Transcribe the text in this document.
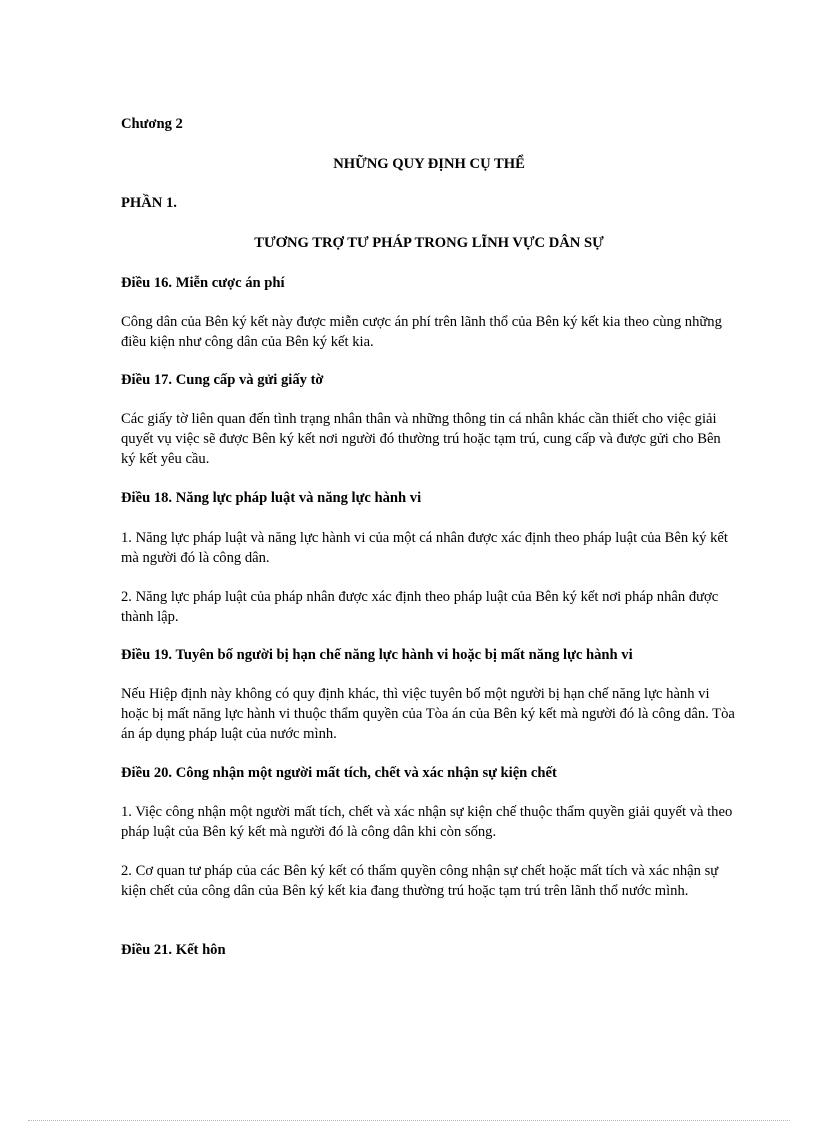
Chương 2

NHỮNG QUY ĐỊNH CỤ THỂ

PHẦN 1.

TƯƠNG TRỢ TƯ PHÁP TRONG LĨNH VỰC DÂN SỰ

Điều 16. Miễn cược án phí

Công dân của Bên ký kết này được miễn cược án phí trên lãnh thổ của Bên ký kết kia theo cùng những điều kiện như công dân của Bên ký kết kia.

Điều 17. Cung cấp và gửi giấy tờ

Các giấy tờ liên quan đến tình trạng nhân thân và những thông tin cá nhân khác cần thiết cho việc giải quyết vụ việc sẽ được Bên ký kết nơi người đó thường trú hoặc tạm trú, cung cấp và được gửi cho Bên ký kết yêu cầu.

Điều 18. Năng lực pháp luật và năng lực hành vi

1. Năng lực pháp luật và năng lực hành vi của một cá nhân được xác định theo pháp luật của Bên ký kết mà người đó là công dân.

2. Năng lực pháp luật của pháp nhân được xác định theo pháp luật của Bên ký kết nơi pháp nhân được thành lập.

Điều 19. Tuyên bố người bị hạn chế năng lực hành vi hoặc bị mất năng lực hành vi

Nếu Hiệp định này không có quy định khác, thì việc tuyên bố một người bị hạn chế năng lực hành vi hoặc bị mất năng lực hành vi thuộc thẩm quyền của Tòa án của Bên ký kết mà người đó là công dân. Tòa án áp dụng pháp luật của nước mình.

Điều 20. Công nhận một người mất tích, chết và xác nhận sự kiện chết

1. Việc công nhận một người mất tích, chết và xác nhận sự kiện chế thuộc thẩm quyền giải quyết và theo pháp luật của Bên ký kết mà người đó là công dân khi còn sống.

2. Cơ quan tư pháp của các Bên ký kết có thẩm quyền công nhận sự chết hoặc mất tích và xác nhận sự kiện chết của công dân của Bên ký kết kia đang thường trú hoặc tạm trú trên lãnh thổ nước mình.

Điều 21. Kết hôn
